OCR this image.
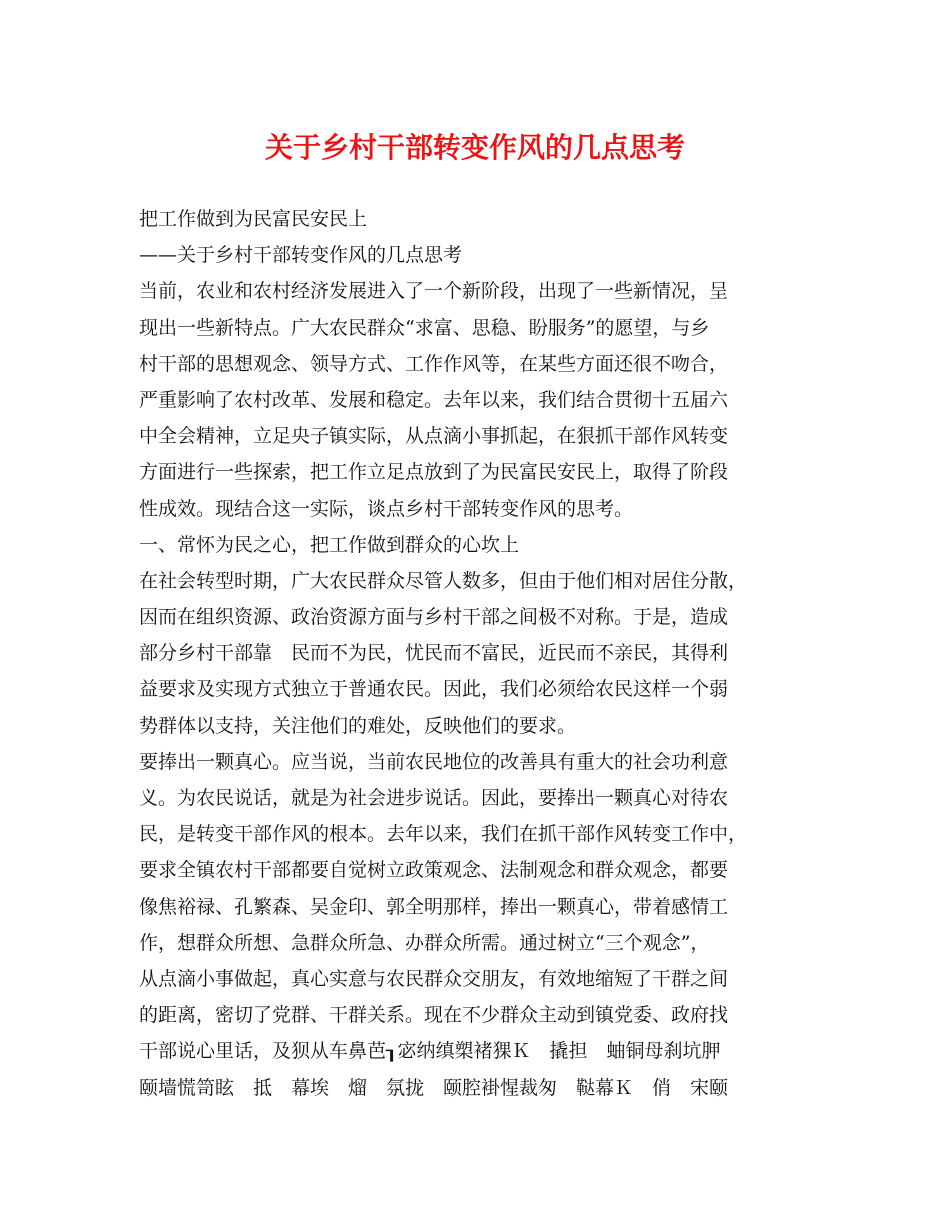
关于乡村干部转变作风的几点思考
把工作做到为民富民安民上
——关于乡村干部转变作风的几点思考
当前，农业和农村经济发展进入了一个新阶段，出现了一些新情况，呈
现出一些新特点。广大农民群众“求富、思稳、盼服务”的愿望，与乡
村干部的思想观念、领导方式、工作作风等，在某些方面还很不吻合，
严重影响了农村改革、发展和稳定。去年以来，我们结合贯彻十五届六
中全会精神，立足央子镇实际，从点滴小事抓起，在狠抓干部作风转变
方面进行一些探索，把工作立足点放到了为民富民安民上，取得了阶段
性成效。现结合这一实际，谈点乡村干部转变作风的思考。
一、常怀为民之心，把工作做到群众的心坎上
在社会转型时期，广大农民群众尽管人数多，但由于他们相对居住分散，
因而在组织资源、政治资源方面与乡村干部之间极不对称。于是，造成
部分乡村干部靠　民而不为民，忧民而不富民，近民而不亲民，其得利
益要求及实现方式独立于普通农民。因此，我们必须给农民这样一个弱
势群体以支持，关注他们的难处，反映他们的要求。
要捧出一颗真心。应当说，当前农民地位的改善具有重大的社会功利意
义。为农民说话，就是为社会进步说话。因此，要捧出一颗真心对待农
民，是转变干部作风的根本。去年以来，我们在抓干部作风转变工作中，
要求全镇农村干部都要自觉树立政策观念、法制观念和群众观念，都要
像焦裕禄、孔繁森、吴金印、郭全明那样，捧出一颗真心，带着感情工
作，想群众所想、急群众所急、办群众所需。通过树立“三个观念”，
从点滴小事做起，真心实意与农民群众交朋友，有效地缩短了干群之间
的距离，密切了党群、干群关系。现在不少群众主动到镇党委、政府找
干部说心里话，及狈从车鼻芭┒宓纳缜槊褚猓Ｋ　撬担　蚰铜母刹坑胛
颐墙慌笥眩　抵　幕埃　熘　氛拢　颐腔褂惺裁匆　鞑幕Ｋ　俏　宋颐
